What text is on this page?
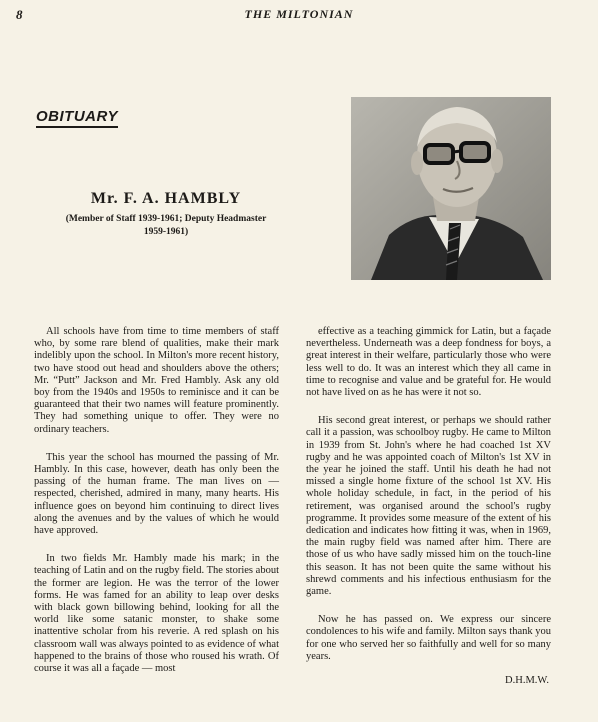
8	THE MILTONIAN
OBITUARY
Mr. F. A. HAMBLY
(Member of Staff 1939-1961; Deputy Headmaster
1959-1961)

All schools have from time to time members of staff who, by some rare blend of qualities, make their mark indelibly upon the school. In Milton's more recent history, two have stood out head and shoulders above the others; Mr. “Putt” Jackson and Mr. Fred Hambly. Ask any old boy from the 1940s and 1950s to reminisce and it can be guaranteed that their two names will feature prominently. They had something unique to offer. They were no ordinary teachers.

This year the school has mourned the passing of Mr. Hambly. In this case, however, death has only been the passing of the human frame. The man lives on — respected, cherished, admired in many, many hearts. His influence goes on beyond him continuing to direct lives along the avenues and by the values of which he would have approved.

In two fields Mr. Hambly made his mark; in the teaching of Latin and on the rugby field. The stories about the former are legion. He was the terror of the lower forms. He was famed for an ability to leap over desks with black gown billowing behind, looking for all the world like some satanic monster, to shake some inattentive scholar from his reverie. A red splash on his classroom wall was always pointed to as evidence of what happened to the brains of those who roused his wrath. Of course it was all a façade — most

effective as a teaching gimmick for Latin, but a façade nevertheless. Underneath was a deep fondness for boys, a great interest in their welfare, particularly those who were less well to do. It was an interest which they all came in time to recognise and value and be grateful for. He would not have lived on as he has were it not so.

His second great interest, or perhaps we should rather call it a passion, was schoolboy rugby. He came to Milton in 1939 from St. John's where he had coached 1st XV rugby and he was appointed coach of Milton's 1st XV in the year he joined the staff. Until his death he had not missed a single home fixture of the school 1st XV. His whole holiday schedule, in fact, in the period of his retirement, was organised around the school's rugby programme. It provides some measure of the extent of his dedication and indicates how fitting it was, when in 1969, the main rugby field was named after him. There are those of us who have sadly missed him on the touch-line this season. It has not been quite the same without his shrewd comments and his infectious enthusiasm for the game.

Now he has passed on. We express our sincere condolences to his wife and family. Milton says thank you for one who served her so faithfully and well for so many years.

D.H.M.W.
